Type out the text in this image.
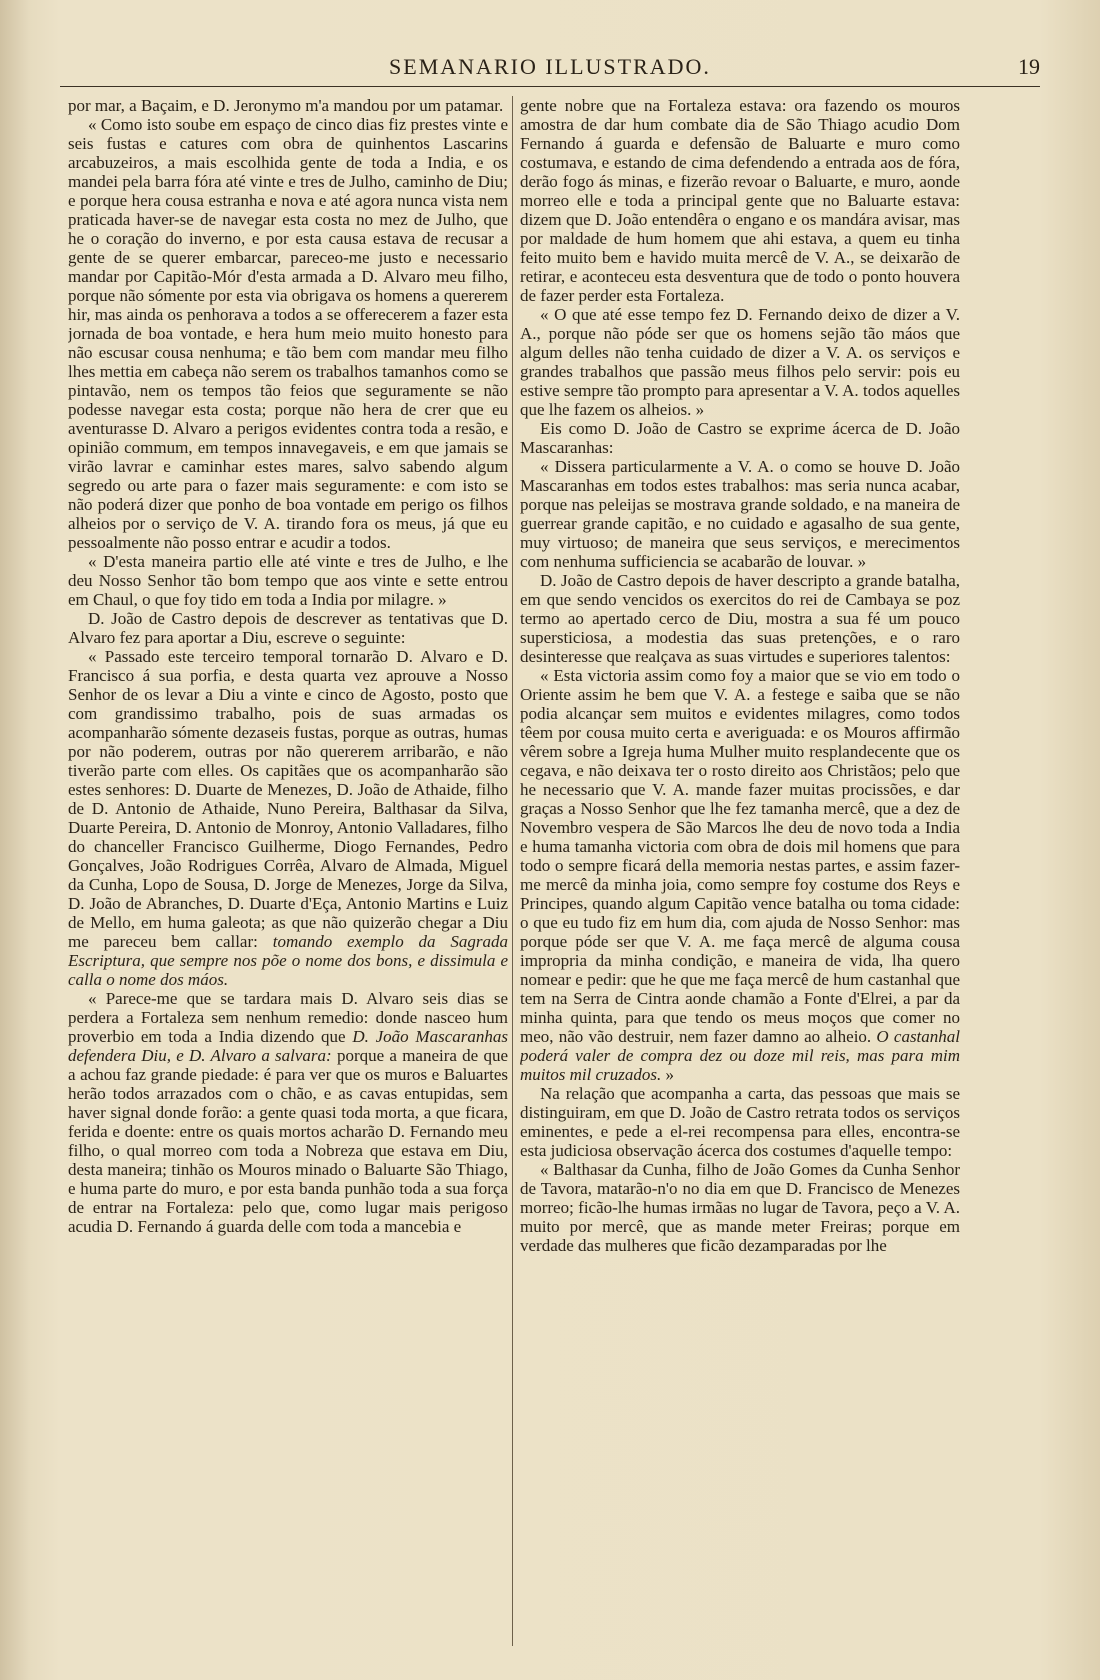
SEMANARIO ILLUSTRADO.	19

por mar, a Baçaim, e D. Jeronymo m'a mandou por um patamar.

« Como isto soube em espaço de cinco dias fiz prestes vinte e seis fustas e catures com obra de quinhentos Lascarins arcabuzeiros, a mais escolhida gente de toda a India, e os mandei pela barra fóra até vinte e tres de Julho, caminho de Diu; e porque hera cousa estranha e nova e até agora nunca vista nem praticada haver-se de navegar esta costa no mez de Julho, que he o coração do inverno, e por esta causa estava de recusar a gente de se querer embarcar, pareceo-me justo e necessario mandar por Capitão-Mór d'esta armada a D. Alvaro meu filho, porque não sómente por esta via obrigava os homens a quererem hir, mas ainda os penhorava a todos a se offerecerem a fazer esta jornada de boa vontade, e hera hum meio muito honesto para não escusar cousa nenhuma; e tão bem com mandar meu filho lhes mettia em cabeça não serem os trabalhos tamanhos como se pintavão, nem os tempos tão feios que seguramente se não podesse navegar esta costa; porque não hera de crer que eu aventurasse D. Alvaro a perigos evidentes contra toda a resão, e opinião commum, em tempos innavegaveis, e em que jamais se virão lavrar e caminhar estes mares, salvo sabendo algum segredo ou arte para o fazer mais seguramente: e com isto se não poderá dizer que ponho de boa vontade em perigo os filhos alheios por o serviço de V. A. tirando fora os meus, já que eu pessoalmente não posso entrar e acudir a todos.

« D'esta maneira partio elle até vinte e tres de Julho, e lhe deu Nosso Senhor tão bom tempo que aos vinte e sette entrou em Chaul, o que foy tido em toda a India por milagre. »

D. João de Castro depois de descrever as tentativas que D. Alvaro fez para aportar a Diu, escreve o seguinte:

« Passado este terceiro temporal tornarão D. Alvaro e D. Francisco á sua porfia, e desta quarta vez aprouve a Nosso Senhor de os levar a Diu a vinte e cinco de Agosto, posto que com grandissimo trabalho, pois de suas armadas os acompanharão sómente dezaseis fustas, porque as outras, humas por não poderem, outras por não quererem arribarão, e não tiverão parte com elles. Os capitães que os acompanharão são estes senhores: D. Duarte de Menezes, D. João de Athaide, filho de D. Antonio de Athaide, Nuno Pereira, Balthasar da Silva, Duarte Pereira, D. Antonio de Monroy, Antonio Valladares, filho do chanceller Francisco Guilherme, Diogo Fernandes, Pedro Gonçalves, João Rodrigues Corrêa, Alvaro de Almada, Miguel da Cunha, Lopo de Sousa, D. Jorge de Menezes, Jorge da Silva, D. João de Abranches, D. Duarte d'Eça, Antonio Martins e Luiz de Mello, em huma galeota; as que não quizerão chegar a Diu me pareceu bem callar: tomando exemplo da Sagrada Escriptura, que sempre nos põe o nome dos bons, e dissimula e calla o nome dos máos.

« Parece-me que se tardara mais D. Alvaro seis dias se perdera a Fortaleza sem nenhum remedio: donde nasceo hum proverbio em toda a India dizendo que D. João Mascaranhas defendera Diu, e D. Alvaro a salvara: porque a maneira de que a achou faz grande piedade: é para ver que os muros e Baluartes herão todos arrazados com o chão, e as cavas entupidas, sem haver signal donde forão: a gente quasi toda morta, a que ficara, ferida e doente: entre os quais mortos acharão D. Fernando meu filho, o qual morreo com toda a Nobreza que estava em Diu, desta maneira; tinhão os Mouros minado o Baluarte São Thiago, e huma parte do muro, e por esta banda punhão toda a sua força de entrar na Fortaleza: pelo que, como lugar mais perigoso acudia D. Fernando á guarda delle com toda a mancebia e

gente nobre que na Fortaleza estava: ora fazendo os mouros amostra de dar hum combate dia de São Thiago acudio Dom Fernando á guarda e defensão de Baluarte e muro como costumava, e estando de cima defendendo a entrada aos de fóra, derão fogo ás minas, e fizerão revoar o Baluarte, e muro, aonde morreo elle e toda a principal gente que no Baluarte estava: dizem que D. João entendêra o engano e os mandára avisar, mas por maldade de hum homem que ahi estava, a quem eu tinha feito muito bem e havido muita mercê de V. A., se deixarão de retirar, e aconteceu esta desventura que de todo o ponto houvera de fazer perder esta Fortaleza.

« O que até esse tempo fez D. Fernando deixo de dizer a V. A., porque não póde ser que os homens sejão tão máos que algum delles não tenha cuidado de dizer a V. A. os serviços e grandes trabalhos que passão meus filhos pelo servir: pois eu estive sempre tão prompto para apresentar a V. A. todos aquelles que lhe fazem os alheios. »

Eis como D. João de Castro se exprime ácerca de D. João Mascaranhas:

« Dissera particularmente a V. A. o como se houve D. João Mascaranhas em todos estes trabalhos: mas seria nunca acabar, porque nas peleijas se mostrava grande soldado, e na maneira de guerrear grande capitão, e no cuidado e agasalho de sua gente, muy virtuoso; de maneira que seus serviços, e merecimentos com nenhuma sufficiencia se acabarão de louvar. »

D. João de Castro depois de haver descripto a grande batalha, em que sendo vencidos os exercitos do rei de Cambaya se poz termo ao apertado cerco de Diu, mostra a sua fé um pouco supersticiosa, a modestia das suas pretenções, e o raro desinteresse que realçava as suas virtudes e superiores talentos:

« Esta victoria assim como foy a maior que se vio em todo o Oriente assim he bem que V. A. a festege e saiba que se não podia alcançar sem muitos e evidentes milagres, como todos têem por cousa muito certa e averiguada: e os Mouros affirmão vêrem sobre a Igreja huma Mulher muito resplandecente que os cegava, e não deixava ter o rosto direito aos Christãos; pelo que he necessario que V. A. mande fazer muitas procissões, e dar graças a Nosso Senhor que lhe fez tamanha mercê, que a dez de Novembro vespera de São Marcos lhe deu de novo toda a India e huma tamanha victoria com obra de dois mil homens que para todo o sempre ficará della memoria nestas partes, e assim fazer-me mercê da minha joia, como sempre foy costume dos Reys e Principes, quando algum Capitão vence batalha ou toma cidade: o que eu tudo fiz em hum dia, com ajuda de Nosso Senhor: mas porque póde ser que V. A. me faça mercê de alguma cousa impropria da minha condição, e maneira de vida, lha quero nomear e pedir: que he que me faça mercê de hum castanhal que tem na Serra de Cintra aonde chamão a Fonte d'Elrei, a par da minha quinta, para que tendo os meus moços que comer no meo, não vão destruir, nem fazer damno ao alheio. O castanhal poderá valer de compra dez ou doze mil reis, mas para mim muitos mil cruzados. »

Na relação que acompanha a carta, das pessoas que mais se distinguiram, em que D. João de Castro retrata todos os serviços eminentes, e pede a el-rei recompensa para elles, encontra-se esta judiciosa observação ácerca dos costumes d'aquelle tempo:

« Balthasar da Cunha, filho de João Gomes da Cunha Senhor de Tavora, matarão-n'o no dia em que D. Francisco de Menezes morreo; ficão-lhe humas irmãas no lugar de Tavora, peço a V. A. muito por mercê, que as mande meter Freiras; porque em verdade das mulheres que ficão dezamparadas por lhe
